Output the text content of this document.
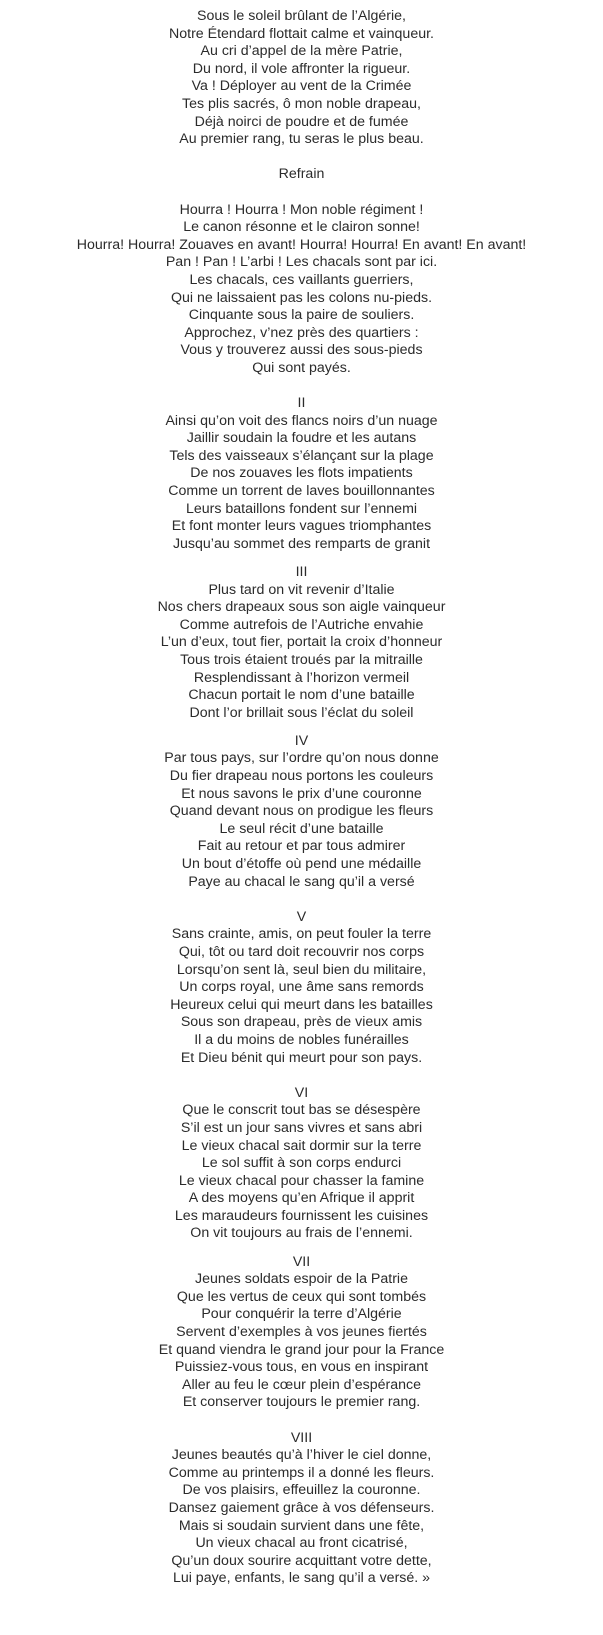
Sous le soleil brûlant de l’Algérie,
Notre Étendard flottait calme et vainqueur.
Au cri d’appel de la mère Patrie,
Du nord, il vole affronter la rigueur.
Va ! Déployer au vent de la Crimée
Tes plis sacrés, ô mon noble drapeau,
Déjà noirci de poudre et de fumée
Au premier rang, tu seras le plus beau.
Refrain
Hourra ! Hourra ! Mon noble régiment !
Le canon résonne et le clairon sonne!
Hourra! Hourra! Zouaves en avant! Hourra! Hourra! En avant! En avant!
Pan ! Pan ! L’arbi ! Les chacals sont par ici.
Les chacals, ces vaillants guerriers,
Qui ne laissaient pas les colons nu-pieds.
Cinquante sous la paire de souliers.
Approchez, v’nez près des quartiers :
Vous y trouverez aussi des sous-pieds
Qui sont payés.
II
Ainsi qu’on voit des flancs noirs d’un nuage
Jaillir soudain la foudre et les autans
Tels des vaisseaux s’élançant sur la plage
De nos zouaves les flots impatients
Comme un torrent de laves bouillonnantes
Leurs bataillons fondent sur l’ennemi
Et font monter leurs vagues triomphantes
Jusqu’au sommet des remparts de granit
III
Plus tard on vit revenir d’Italie
Nos chers drapeaux sous son aigle vainqueur
Comme autrefois de l’Autriche envahie
L’un d’eux, tout fier, portait la croix d’honneur
Tous trois étaient troués par la mitraille
Resplendissant à l’horizon vermeil
Chacun portait le nom d’une bataille
Dont l’or brillait sous l’éclat du soleil
IV
Par tous pays, sur l’ordre qu’on nous donne
Du fier drapeau nous portons les couleurs
Et nous savons le prix d’une couronne
Quand devant nous on prodigue les fleurs
Le seul récit d’une bataille
Fait au retour et par tous admirer
Un bout d’étoffe où pend une médaille
Paye au chacal le sang qu’il a versé
V
Sans crainte, amis, on peut fouler la terre
Qui, tôt ou tard doit recouvrir nos corps
Lorsqu’on sent là, seul bien du militaire,
Un corps royal, une âme sans remords
Heureux celui qui meurt dans les batailles
Sous son drapeau, près de vieux amis
Il a du moins de nobles funérailles
Et Dieu bénit qui meurt pour son pays.
VI
Que le conscrit tout bas se désespère
S’il est un jour sans vivres et sans abri
Le vieux chacal sait dormir sur la terre
Le sol suffit à son corps endurci
Le vieux chacal pour chasser la famine
A des moyens qu’en Afrique il apprit
Les maraudeurs fournissent les cuisines
On vit toujours au frais de l’ennemi.
VII
Jeunes soldats espoir de la Patrie
Que les vertus de ceux qui sont tombés
Pour conquérir la terre d’Algérie
Servent d’exemples à vos jeunes fiertés
Et quand viendra le grand jour pour la France
Puissiez-vous tous, en vous en inspirant
Aller au feu le cœur plein d’espérance
Et conserver toujours le premier rang.
VIII
Jeunes beautés qu’à l’hiver le ciel donne,
Comme au printemps il a donné les fleurs.
De vos plaisirs, effeuillez la couronne.
Dansez gaiement grâce à vos défenseurs.
Mais si soudain survient dans une fête,
Un vieux chacal au front cicatrisé,
Qu’un doux sourire acquittant votre dette,
Lui paye, enfants, le sang qu’il a versé. »
